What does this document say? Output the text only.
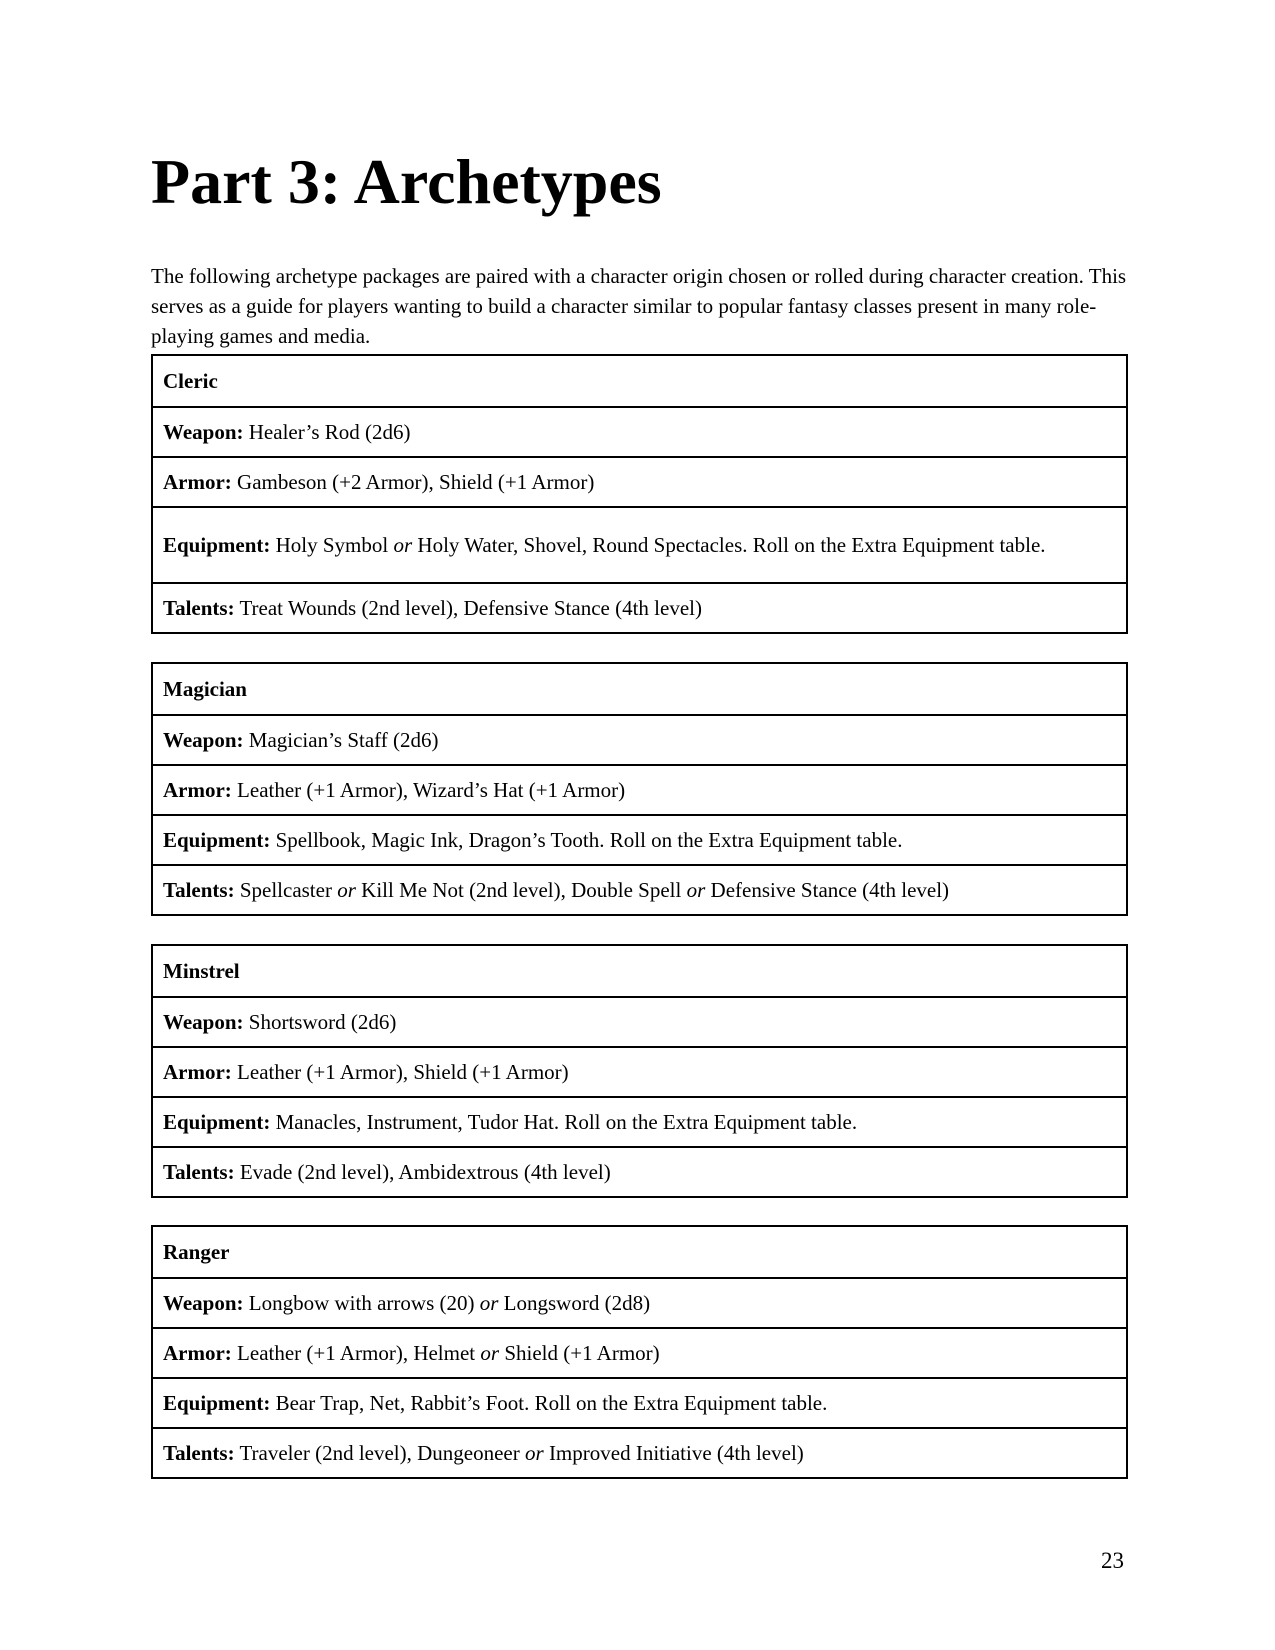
Part 3: Archetypes

The following archetype packages are paired with a character origin chosen or rolled during character creation. This serves as a guide for players wanting to build a character similar to popular fantasy classes present in many role-playing games and media.

Cleric
Weapon: Healer’s Rod (2d6)
Armor: Gambeson (+2 Armor), Shield (+1 Armor)
Equipment: Holy Symbol or Holy Water, Shovel, Round Spectacles. Roll on the Extra Equipment table.
Talents: Treat Wounds (2nd level), Defensive Stance (4th level)
Magician
Weapon: Magician’s Staff (2d6)
Armor: Leather (+1 Armor), Wizard’s Hat (+1 Armor)
Equipment: Spellbook, Magic Ink, Dragon’s Tooth. Roll on the Extra Equipment table.
Talents: Spellcaster or Kill Me Not (2nd level), Double Spell or Defensive Stance (4th level)
Minstrel
Weapon: Shortsword (2d6)
Armor: Leather (+1 Armor), Shield (+1 Armor)
Equipment: Manacles, Instrument, Tudor Hat. Roll on the Extra Equipment table.
Talents: Evade (2nd level), Ambidextrous (4th level)
Ranger
Weapon: Longbow with arrows (20) or Longsword (2d8)
Armor: Leather (+1 Armor), Helmet or Shield (+1 Armor)
Equipment: Bear Trap, Net, Rabbit’s Foot. Roll on the Extra Equipment table.
Talents: Traveler (2nd level), Dungeoneer or Improved Initiative (4th level)
23
